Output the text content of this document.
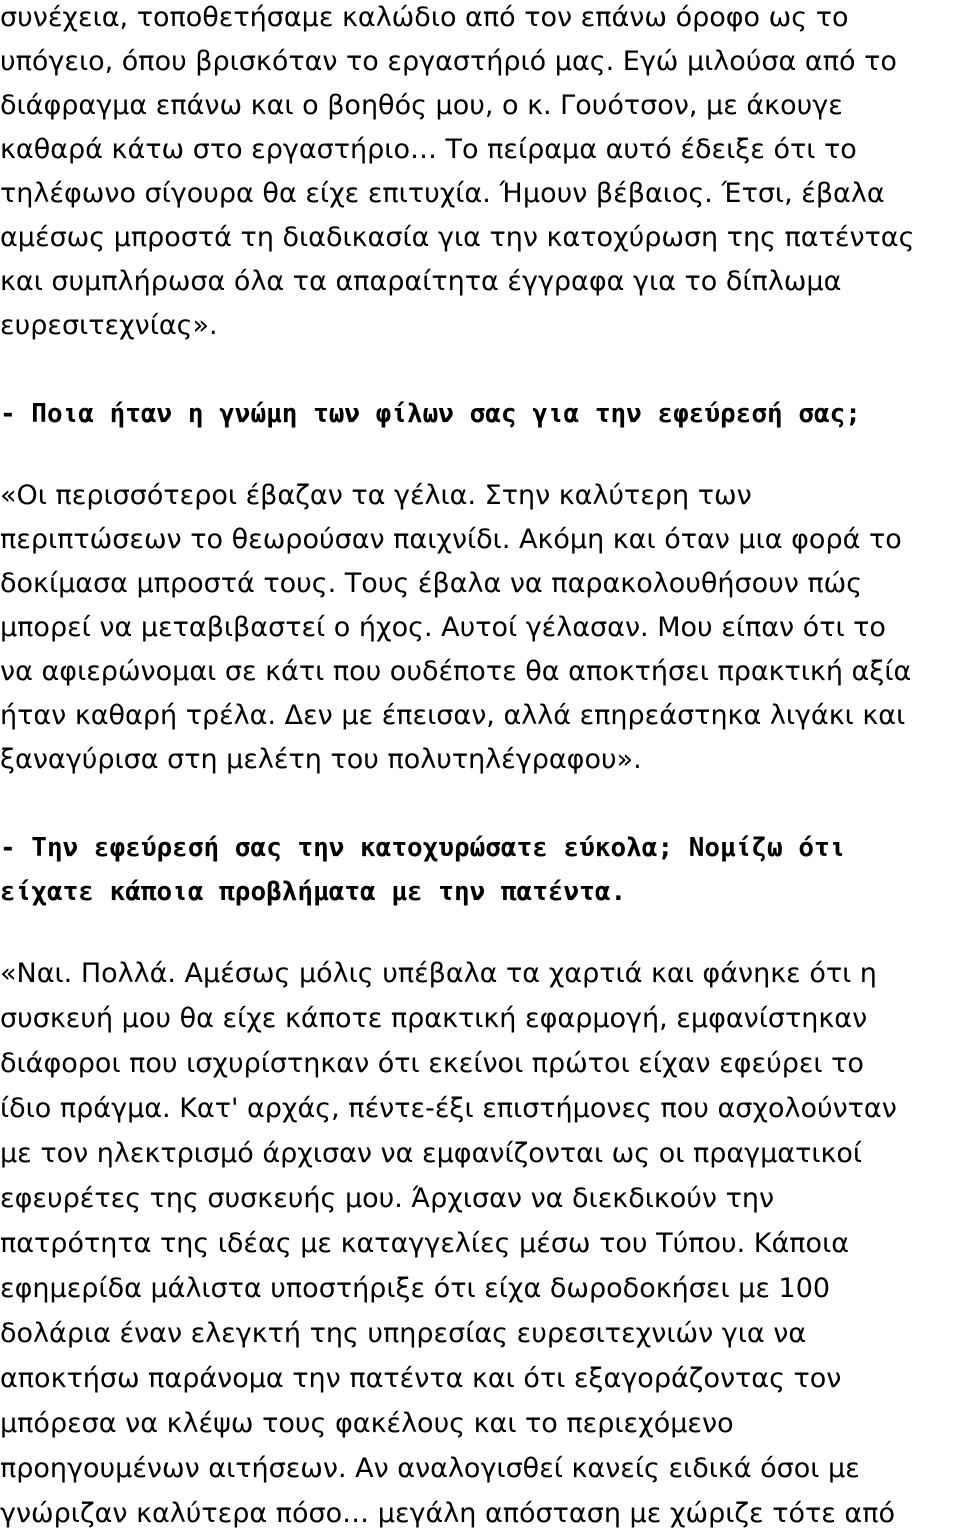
συνέχεια, τοποθετήσαμε καλώδιο από τον επάνω όροφο ως το
υπόγειο, όπου βρισκόταν το εργαστήριό μας. Εγώ μιλούσα από το
διάφραγμα επάνω και ο βοηθός μου, ο κ. Γουότσον, με άκουγε
καθαρά κάτω στο εργαστήριο… Το πείραμα αυτό έδειξε ότι το
τηλέφωνο σίγουρα θα είχε επιτυχία. Ήμουν βέβαιος. Έτσι, έβαλα
αμέσως μπροστά τη διαδικασία για την κατοχύρωση της πατέντας
και συμπλήρωσα όλα τα απαραίτητα έγγραφα για το δίπλωμα
ευρεσιτεχνίας».
- Ποια ήταν η γνώμη των φίλων σας για την εφεύρεσή σας;
«Οι περισσότεροι έβαζαν τα γέλια. Στην καλύτερη των
περιπτώσεων το θεωρούσαν παιχνίδι. Ακόμη και όταν μια φορά το
δοκίμασα μπροστά τους. Τους έβαλα να παρακολουθήσουν πώς
μπορεί να μεταβιβαστεί ο ήχος. Αυτοί γέλασαν. Μου είπαν ότι το
να αφιερώνομαι σε κάτι που ουδέποτε θα αποκτήσει πρακτική αξία
ήταν καθαρή τρέλα. Δεν με έπεισαν, αλλά επηρεάστηκα λιγάκι και
ξαναγύρισα στη μελέτη του πολυτηλέγραφου».
- Την εφεύρεσή σας την κατοχυρώσατε εύκολα; Νομίζω ότι
είχατε κάποια προβλήματα με την πατέντα.
«Ναι. Πολλά. Αμέσως μόλις υπέβαλα τα χαρτιά και φάνηκε ότι η
συσκευή μου θα είχε κάποτε πρακτική εφαρμογή, εμφανίστηκαν
διάφοροι που ισχυρίστηκαν ότι εκείνοι πρώτοι είχαν εφεύρει το
ίδιο πράγμα. Κατ' αρχάς, πέντε-έξι επιστήμονες που ασχολούνταν
με τον ηλεκτρισμό άρχισαν να εμφανίζονται ως οι πραγματικοί
εφευρέτες της συσκευής μου. Άρχισαν να διεκδικούν την
πατρότητα της ιδέας με καταγγελίες μέσω του Τύπου. Κάποια
εφημερίδα μάλιστα υποστήριξε ότι είχα δωροδοκήσει με 100
δολάρια έναν ελεγκτή της υπηρεσίας ευρεσιτεχνιών για να
αποκτήσω παράνομα την πατέντα και ότι εξαγοράζοντας τον
μπόρεσα να κλέψω τους φακέλους και το περιεχόμενο
προηγουμένων αιτήσεων. Αν αναλογισθεί κανείς ειδικά όσοι με
γνώριζαν καλύτερα πόσο… μεγάλη απόσταση με χώριζε τότε από
